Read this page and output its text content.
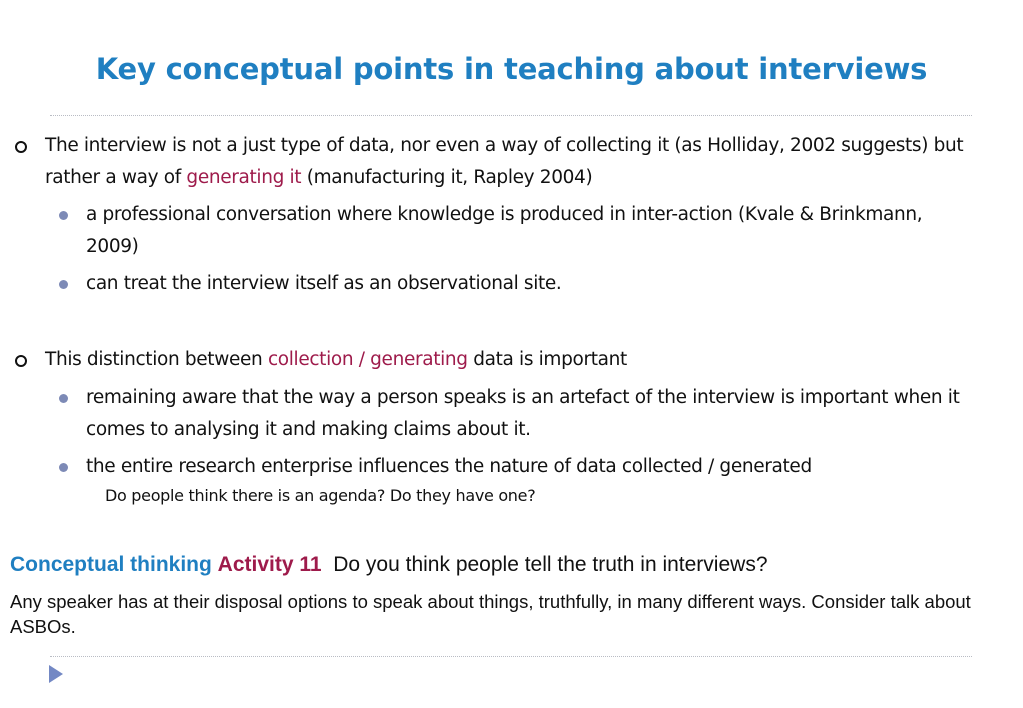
Key conceptual points in teaching about interviews
The interview is not a just type of data, nor even a way of collecting it (as Holliday, 2002 suggests) but rather a way of generating it (manufacturing it, Rapley 2004)
a professional conversation where knowledge is produced in inter-action (Kvale & Brinkmann, 2009)
can treat the interview itself as an observational site.
This distinction between collection / generating data is important
remaining aware that the way a person speaks is an artefact of the interview is important when it comes to analysing it and making claims about it.
the entire research enterprise influences the nature of data collected / generated
Do people think there is an agenda? Do they have one?
Conceptual thinking Activity 11 Do you think people tell the truth in interviews?
Any speaker has at their disposal options to speak about things, truthfully, in many different ways. Consider talk about ASBOs.
